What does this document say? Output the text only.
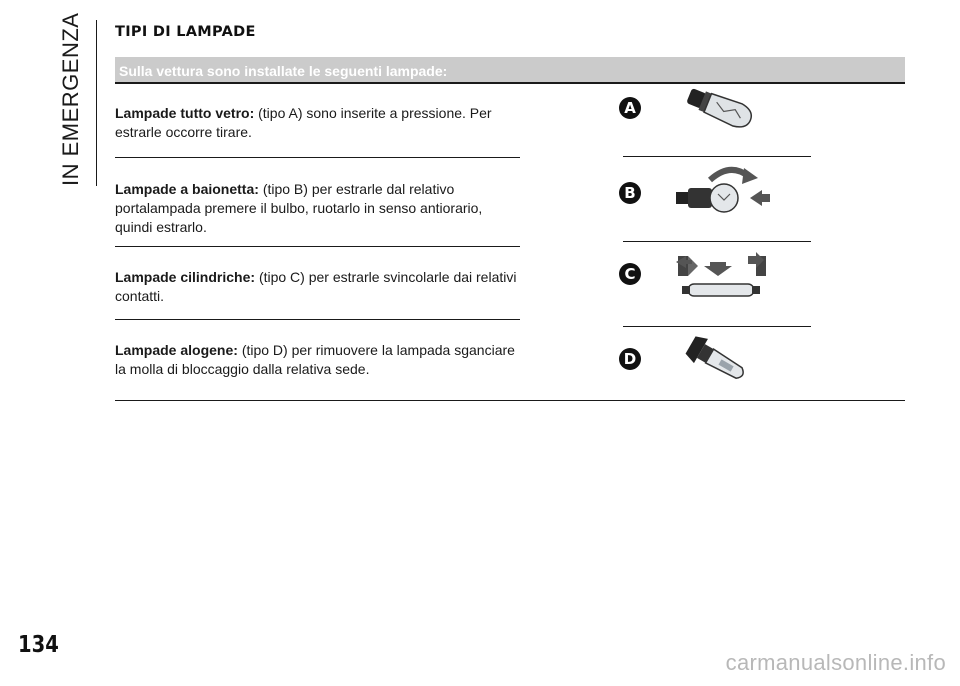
IN EMERGENZA
134
TIPI DI LAMPADE
Sulla vettura sono installate le seguenti lampade:
Lampade tutto vetro: (tipo A) sono inserite a pressione. Per estrarle occorre tirare.
Lampade a baionetta: (tipo B) per estrarle dal relativo portalampada premere il bulbo, ruotarlo in senso antiorario, quindi estrarlo.
Lampade cilindriche: (tipo C) per estrarle svincolarle dai relativi contatti.
Lampade alogene: (tipo D) per rimuovere la lampada sganciare la molla di bloccaggio dalla relativa sede.
A
B
C
D
carmanualsonline.info
